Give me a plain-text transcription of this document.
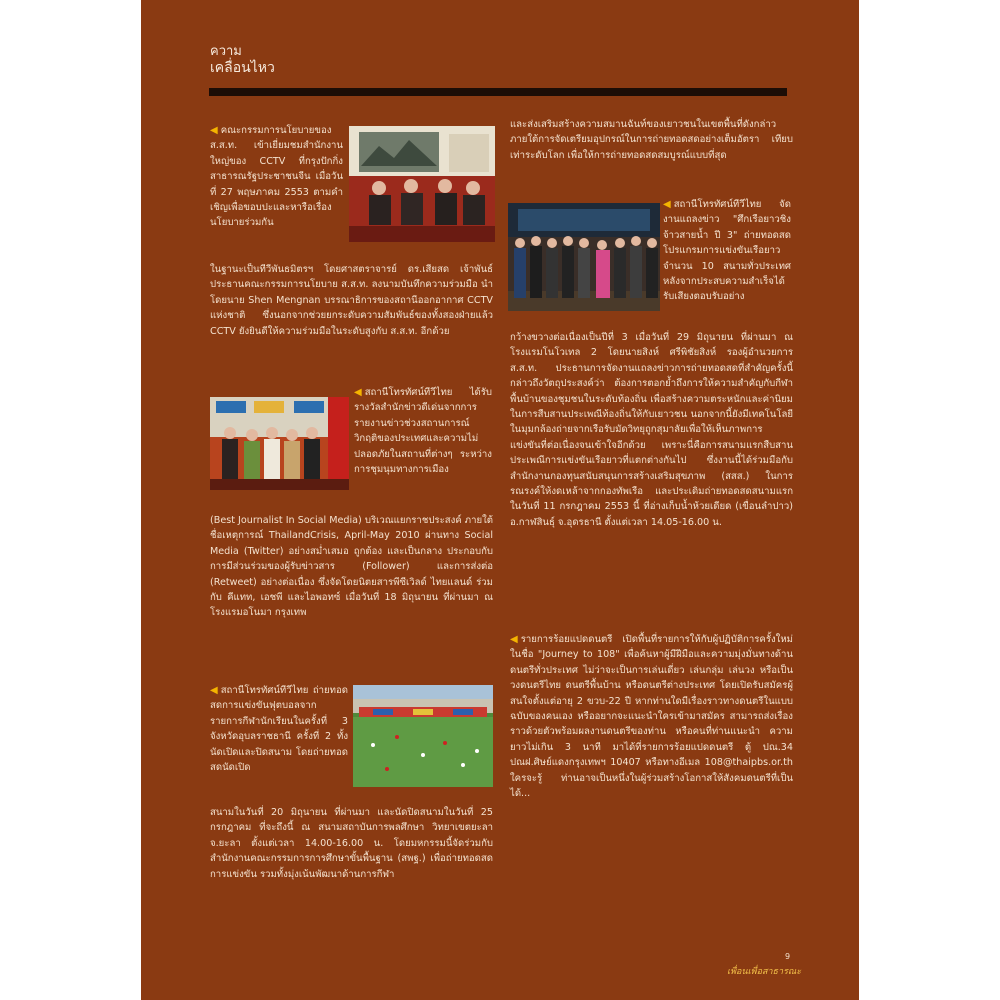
ความ
เคลื่อนไหว

◀ คณะกรรมการนโยบายของ ส.ส.ท. เข้าเยี่ยมชมสำนักงานใหญ่ของ CCTV ที่กรุงปักกิ่ง สาธารณรัฐประชาชนจีน เมื่อวันที่ 27 พฤษภาคม 2553 ตามคำเชิญเพื่อขอบปะและหารือเรื่องนโยบายร่วมกัน

ในฐานะเป็นทีวีพันธมิตรฯ โดยศาสตราจารย์ ดร.เสียสด เจ้าพันธ์ประธานคณะกรรมการนโยบาย ส.ส.ท. ลงนามบันทึกความร่วมมือ นำโดยนาย Shen Mengnan บรรณาธิการของสถานีออกอากาศ CCTV แห่งชาติ ซึ่งนอกจากช่วยยกระดับความสัมพันธ์ของทั้งสองฝ่ายแล้ว CCTV ยังยินดีให้ความร่วมมือในระดับสูงกับ ส.ส.ท. อีกด้วย

◀ สถานีโทรทัศน์ทีวีไทย ได้รับรางวัลสำนักข่าวดีเด่นจากการรายงานข่าวช่วงสถานการณ์วิกฤติของประเทศและความไม่ปลอดภัยในสถานที่ต่างๆ ระหว่างการชุมนุมทางการเมือง

(Best Journalist In Social Media) บริเวณแยกราชประสงค์ ภายใต้ชื่อเหตุการณ์ ThailandCrisis, April-May 2010 ผ่านทาง Social Media (Twitter) อย่างสม่ำเสมอ ถูกต้อง และเป็นกลาง ประกอบกับการมีส่วนร่วมของผู้รับข่าวสาร (Follower) และการส่งต่อ (Retweet) อย่างต่อเนื่อง ซึ่งจัดโดยนิตยสารพีซีเวิลด์ ไทยแลนด์ ร่วมกับ คีแทท, เอชพี และไอพอทซ์ เมื่อวันที่ 18 มิถุนายน ที่ผ่านมา ณ โรงแรมอโนมา กรุงเทพ

◀ สถานีโทรทัศน์ทีวีไทย ถ่ายทอดสดการแข่งขันฟุตบอลจากรายการกีฬานักเรียนในครั้งที่ 3 จังหวัดอุบลราชธานี ครั้งที่ 2 ทั้งนัดเปิดและปิดสนาม โดยถ่ายทอดสดนัดเปิด

สนามในวันที่ 20 มิถุนายน ที่ผ่านมา และนัดปิดสนามในวันที่ 25 กรกฎาคม ที่จะถึงนี้ ณ สนามสถาบันการพลศึกษา วิทยาเขตยะลา จ.ยะลา ตั้งแต่เวลา 14.00-16.00 น. โดยมหกรรมนี้จัดร่วมกับสำนักงานคณะกรรมการการศึกษาขั้นพื้นฐาน (สพฐ.) เพื่อถ่ายทอดสดการแข่งขัน รวมทั้งมุ่งเน้นพัฒนาด้านการกีฬา

และส่งเสริมสร้างความสมานฉันท์ของเยาวชนในเขตพื้นที่ดังกล่าว ภายใต้การจัดเตรียมอุปกรณ์ในการถ่ายทอดสดอย่างเต็มอัตรา เทียบเท่าระดับโลก เพื่อให้การถ่ายทอดสดสมบูรณ์แบบที่สุด

◀ สถานีโทรทัศน์ทีวีไทย จัดงานแถลงข่าว "ศึกเรือยาวชิงจ้าวสายน้ำ ปี 3" ถ่ายทอดสดโปรแกรมการแข่งขันเรือยาวจำนวน 10 สนามทั่วประเทศ หลังจากประสบความสำเร็จได้รับเสียงตอบรับอย่าง

กว้างขวางต่อเนื่องเป็นปีที่ 3 เมื่อวันที่ 29 มิถุนายน ที่ผ่านมา ณ โรงแรมโนโวเทล 2 โดยนายสิงห์ ศรีพิชัยสิงห์ รองผู้อำนวยการ ส.ส.ท. ประธานการจัดงานแถลงข่าวการถ่ายทอดสดที่สำคัญครั้งนี้ กล่าวถึงวัตถุประสงค์ว่า ต้องการตอกย้ำถึงการให้ความสำคัญกับกีฬาพื้นบ้านของชุมชนในระดับท้องถิ่น เพื่อสร้างความตระหนักและค่านิยมในการสืบสานประเพณีท้องถิ่นให้กับเยาวชน นอกจากนี้ยังมีเทคโนโลยีในมุมกล้องถ่ายจากเรือรับมัดวิทยุถูกสุมาลัยเพื่อให้เห็นภาพการแข่งขันที่ต่อเนื่องจนเข้าใจอีกด้วย เพราะนี่คือการสนามแรกสืบสานประเพณีการแข่งขันเรือยาวที่แตกต่างกันไป ซึ่งงานนี้ได้ร่วมมือกับสำนักงานกองทุนสนับสนุนการสร้างเสริมสุขภาพ (สสส.) ในการรณรงค์ให้งดเหล้าจากกองทัพเรือ และประเดิมถ่ายทอดสดสนามแรกในวันที่ 11 กรกฎาคม 2553 นี้ ที่อ่างเก็บน้ำห้วยเดียด (เขื่อนลำปาว) อ.กาฬสินธุ์ จ.อุดรธานี ตั้งแต่เวลา 14.05-16.00 น.

◀ รายการร้อยแปดดนตรี เปิดพื้นที่รายการให้กับผู้ปฏิบัติการครั้งใหม่ในชื่อ "Journey to 108" เพื่อค้นหาผู้มีฝีมือและความมุ่งมั่นทางด้านดนตรีทั่วประเทศ ไม่ว่าจะเป็นการเล่นเดี่ยว เล่นกลุ่ม เล่นวง หรือเป็นวงดนตรีไทย ดนตรีพื้นบ้าน หรือดนตรีต่างประเทศ โดยเปิดรับสมัครผู้สนใจตั้งแต่อายุ 2 ขวบ-22 ปี หากท่านใดมีเรื่องราวทางดนตรีในแบบฉบับของคนเอง หรืออยากจะแนะนำใครเข้ามาสมัคร สามารถส่งเรื่องราวด้วยตัวพร้อมผลงานดนตรีของท่าน หรือคนที่ท่านแนะนำ ความยาวไม่เกิน 3 นาที มาได้ที่รายการร้อยแปดดนตรี ตู้ ปณ.34 ปณฝ.ศิษย์แดงกรุงเทพฯ 10407 หรือทางอีเมล 108@thaipbs.or.th ใครจะรู้ ท่านอาจเป็นหนึ่งในผู้ร่วมสร้างโอกาสให้สังคมดนตรีที่เป็นได้...

9
เพื่อนเพื่อสาธารณะ
